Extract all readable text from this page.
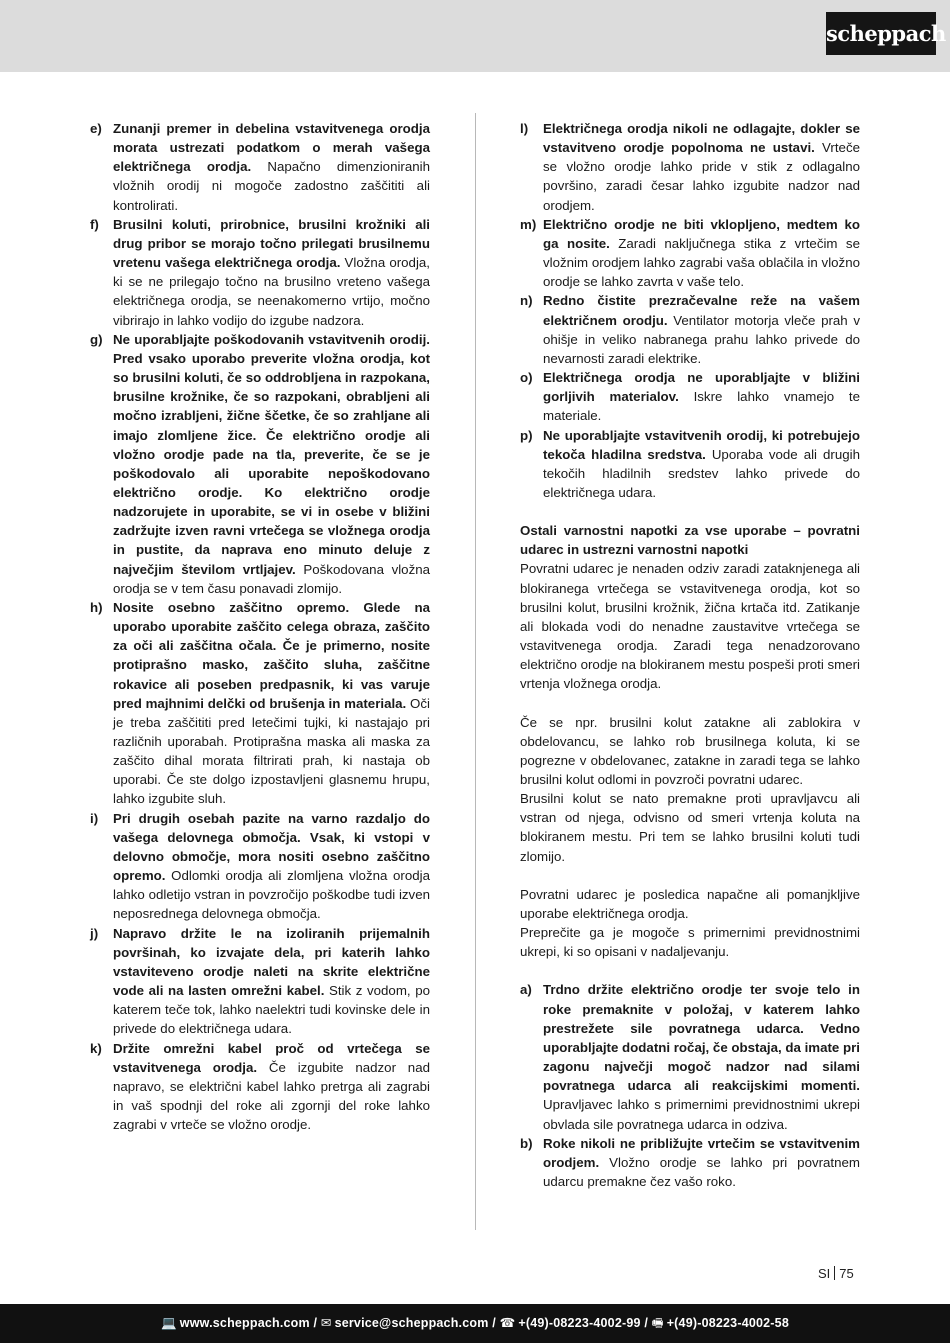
scheppach
e) Zunanji premer in debelina vstavitvenega orodja morata ustrezati podatkom o merah vašega električnega orodja. Napačno dimenzioniranih vložnih orodij ni mogoče zadostno zaščititi ali kontrolirati.
f)	Brusilni koluti, prirobnice, brusilni krožniki ali drug pribor se morajo točno prilegati brusilnemu vretenu vašega električnega orodja. Vložna orodja, ki se ne prilegajo točno na brusilno vreteno vašega električnega orodja, se neenakomerno vrtijo, močno vibrirajo in lahko vodijo do izgube nadzora.
g) Ne uporabljajte poškodovanih vstavitvenih orodij. Pred vsako uporabo preverite vložna orodja, kot so brusilni koluti, če so oddrobljena in razpokana, brusilne krožnike, če so razpokani, obrabljeni ali močno izrabljeni, žične ščetke, če so zrahljane ali imajo zlomljene žice. Če električno orodje ali vložno orodje pade na tla, preverite, če se je poškodovalo ali uporabite nepoškodovano električno orodje. Ko električno orodje nadzorujete in uporabite, se vi in osebe v bližini zadržujte izven ravni vrtečega se vložnega orodja in pustite, da naprava eno minuto deluje z največjim številom vrtljajev. Poškodovana vložna orodja se v tem času ponavadi zlomijo.
h) Nosite osebno zaščitno opremo. Glede na uporabo uporabite zaščito celega obraza, zaščito za oči ali zaščitna očala. Če je primerno, nosite protiprašno masko, zaščito sluha, zaščitne rokavice ali poseben predpasnik, ki vas varuje pred majhnimi delčki od brušenja in materiala. Oči je treba zaščititi pred letečimi tujki, ki nastajajo pri različnih uporabah. Protiprašna maska ali maska za zaščito dihal morata filtrirati prah, ki nastaja ob uporabi. Če ste dolgo izpostavljeni glasnemu hrupu, lahko izgubite sluh.
i)	Pri drugih osebah pazite na varno razdaljo do vašega delovnega območja. Vsak, ki vstopi v delovno območje, mora nositi osebno zaščitno opremo. Odlomki orodja ali zlomljena vložna orodja lahko odletijo vstran in povzročijo poškodbe tudi izven neposrednega delovnega območja.
j)	Napravo držite le na izoliranih prijemalnih površinah, ko izvajate dela, pri katerih lahko vstaviteveno orodje naleti na skrite električne vode ali na lasten omrežni kabel. Stik z vodom, po katerem teče tok, lahko naelektri tudi kovinske dele in privede do električnega udara.
k) Držite omrežni kabel proč od vrtečega se vstavitvenega orodja. Če izgubite nadzor nad napravo, se električni kabel lahko pretrga ali zagrabi in vaš spodnji del roke ali zgornji del roke lahko zagrabi v vrteče se vložno orodje.
l)	Električnega orodja nikoli ne odlagajte, dokler se vstavitveno orodje popolnoma ne ustavi. Vrteče se vložno orodje lahko pride v stik z odlagalno površino, zaradi česar lahko izgubite nadzor nad orodjem.
m) Električno orodje ne biti vklopljeno, medtem ko ga nosite. Zaradi naključnega stika z vrtečim se vložnim orodjem lahko zagrabi vaša oblačila in vložno orodje se lahko zavrta v vaše telo.
n) Redno čistite prezračevalne reže na vašem električnem orodju. Ventilator motorja vleče prah v ohišje in veliko nabranega prahu lahko privede do nevarnosti zaradi elektrike.
o) Električnega orodja ne uporabljajte v bližini gorljivih materialov. Iskre lahko vnamejo te materiale.
p) Ne uporabljajte vstavitvenih orodij, ki potrebujejo tekoča hladilna sredstva. Uporaba vode ali drugih tekočih hladilnih sredstev lahko privede do električnega udara.
Ostali varnostni napotki za vse uporabe – povratni udarec in ustrezni varnostni napotki
Povratni udarec je nenaden odziv zaradi zataknjenega ali blokiranega vrtečega se vstavitvenega orodja, kot so brusilni kolut, brusilni krožnik, žična krtača itd. Zatikanje ali blokada vodi do nenadne zaustavitve vrtečega se vstavitvenega orodja. Zaradi tega nenadzorovano električno orodje na blokiranem mestu pospeši proti smeri vrtenja vložnega orodja.
Če se npr. brusilni kolut zatakne ali zablokira v obdelovancu, se lahko rob brusilnega koluta, ki se pogrezne v obdelovanec, zatakne in zaradi tega se lahko brusilni kolut odlomi in povzroči povratni udarec.
Brusilni kolut se nato premakne proti upravljavcu ali vstran od njega, odvisno od smeri vrtenja koluta na blokiranem mestu. Pri tem se lahko brusilni koluti tudi zlomijo.
Povratni udarec je posledica napačne ali pomanjkljive uporabe električnega orodja.
Preprečite ga je mogoče s primernimi previdnostnimi ukrepi, ki so opisani v nadaljevanju.
a) Trdno držite električno orodje ter svoje telo in roke premaknite v položaj, v katerem lahko prestrežete sile povratnega udarca. Vedno uporabljajte dodatni ročaj, če obstaja, da imate pri zagonu največji mogoč nadzor nad silami povratnega udarca ali reakcijskimi momenti. Upravljavec lahko s primernimi previdnostnimi ukrepi obvlada sile povratnega udarca in odziva.
b) Roke nikoli ne približujte vrtečim se vstavitvenim orodjem. Vložno orodje se lahko pri povratnem udarcu premakne čez vašo roko.
SI 75
💻 www.scheppach.com / ✉ service@scheppach.com / ☎ +(49)-08223-4002-99 / 🖷 +(49)-08223-4002-58
